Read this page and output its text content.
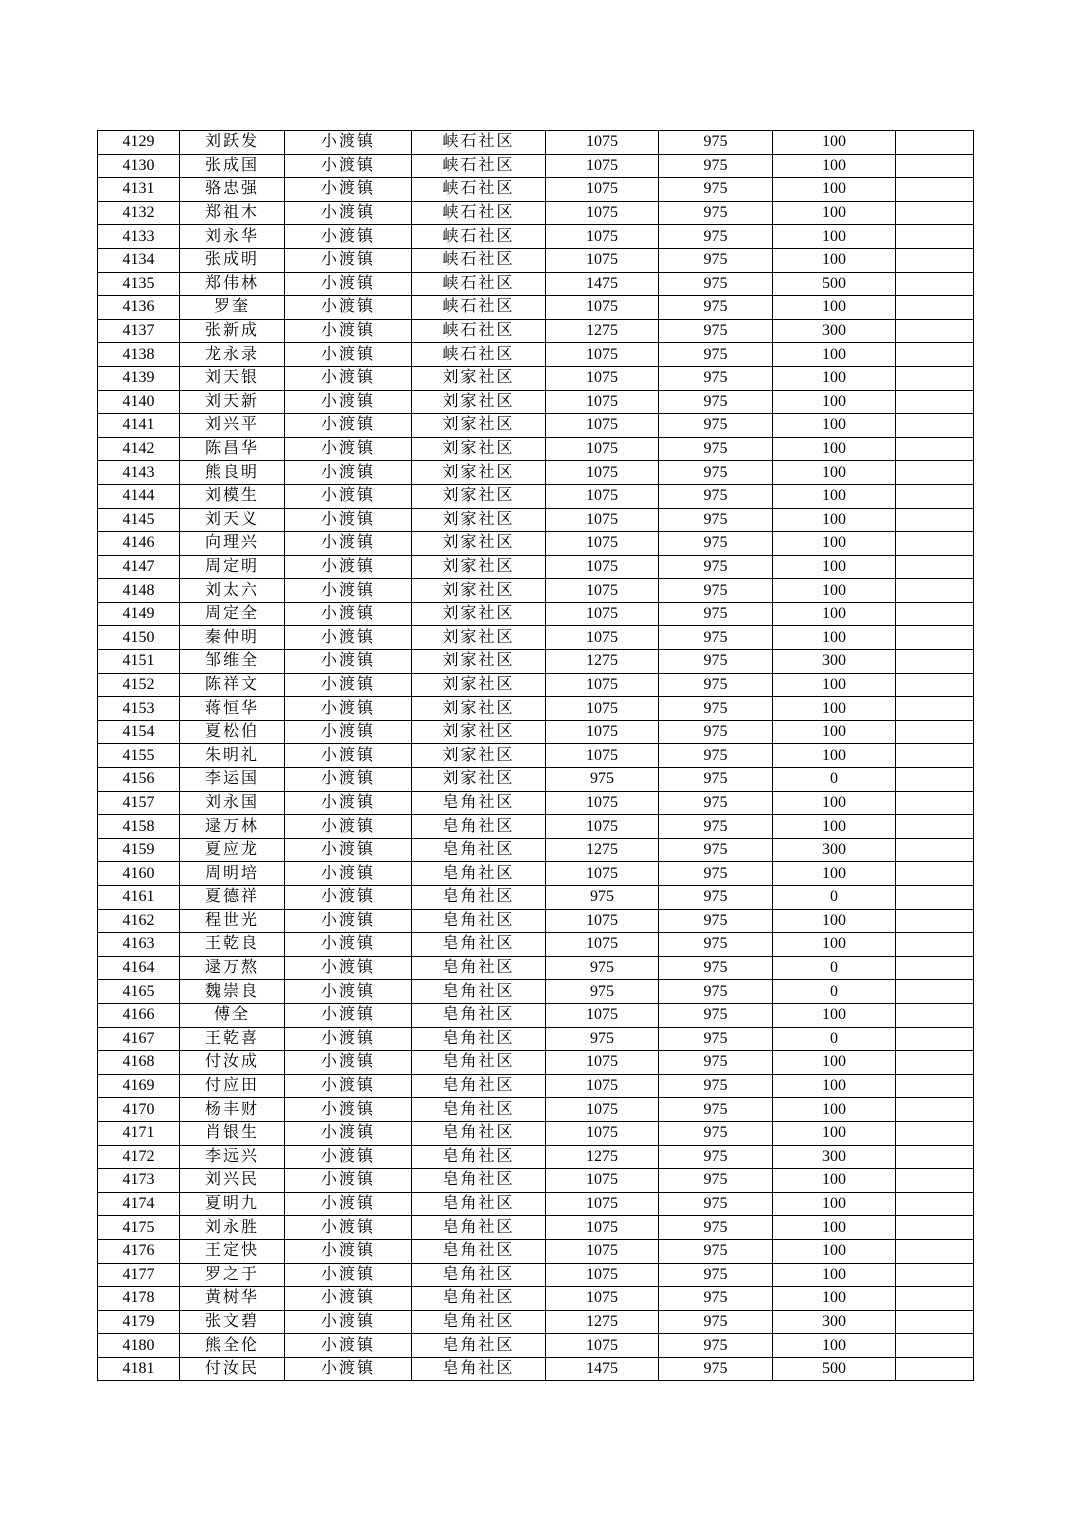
4129	刘跃发	小渡镇	峡石社区	1075	975	100	
4130	张成国	小渡镇	峡石社区	1075	975	100	
4131	骆忠强	小渡镇	峡石社区	1075	975	100	
4132	郑祖木	小渡镇	峡石社区	1075	975	100	
4133	刘永华	小渡镇	峡石社区	1075	975	100	
4134	张成明	小渡镇	峡石社区	1075	975	100	
4135	郑伟林	小渡镇	峡石社区	1475	975	500	
4136	罗奎	小渡镇	峡石社区	1075	975	100	
4137	张新成	小渡镇	峡石社区	1275	975	300	
4138	龙永录	小渡镇	峡石社区	1075	975	100	
4139	刘天银	小渡镇	刘家社区	1075	975	100	
4140	刘天新	小渡镇	刘家社区	1075	975	100	
4141	刘兴平	小渡镇	刘家社区	1075	975	100	
4142	陈昌华	小渡镇	刘家社区	1075	975	100	
4143	熊良明	小渡镇	刘家社区	1075	975	100	
4144	刘模生	小渡镇	刘家社区	1075	975	100	
4145	刘天义	小渡镇	刘家社区	1075	975	100	
4146	向理兴	小渡镇	刘家社区	1075	975	100	
4147	周定明	小渡镇	刘家社区	1075	975	100	
4148	刘太六	小渡镇	刘家社区	1075	975	100	
4149	周定全	小渡镇	刘家社区	1075	975	100	
4150	秦仲明	小渡镇	刘家社区	1075	975	100	
4151	邹维全	小渡镇	刘家社区	1275	975	300	
4152	陈祥文	小渡镇	刘家社区	1075	975	100	
4153	蒋恒华	小渡镇	刘家社区	1075	975	100	
4154	夏松伯	小渡镇	刘家社区	1075	975	100	
4155	朱明礼	小渡镇	刘家社区	1075	975	100	
4156	李运国	小渡镇	刘家社区	975	975	0	
4157	刘永国	小渡镇	皂角社区	1075	975	100	
4158	逯万林	小渡镇	皂角社区	1075	975	100	
4159	夏应龙	小渡镇	皂角社区	1275	975	300	
4160	周明培	小渡镇	皂角社区	1075	975	100	
4161	夏德祥	小渡镇	皂角社区	975	975	0	
4162	程世光	小渡镇	皂角社区	1075	975	100	
4163	王乾良	小渡镇	皂角社区	1075	975	100	
4164	逯万熬	小渡镇	皂角社区	975	975	0	
4165	魏崇良	小渡镇	皂角社区	975	975	0	
4166	傅全	小渡镇	皂角社区	1075	975	100	
4167	王乾喜	小渡镇	皂角社区	975	975	0	
4168	付汝成	小渡镇	皂角社区	1075	975	100	
4169	付应田	小渡镇	皂角社区	1075	975	100	
4170	杨丰财	小渡镇	皂角社区	1075	975	100	
4171	肖银生	小渡镇	皂角社区	1075	975	100	
4172	李远兴	小渡镇	皂角社区	1275	975	300	
4173	刘兴民	小渡镇	皂角社区	1075	975	100	
4174	夏明九	小渡镇	皂角社区	1075	975	100	
4175	刘永胜	小渡镇	皂角社区	1075	975	100	
4176	王定快	小渡镇	皂角社区	1075	975	100	
4177	罗之于	小渡镇	皂角社区	1075	975	100	
4178	黄树华	小渡镇	皂角社区	1075	975	100	
4179	张文碧	小渡镇	皂角社区	1275	975	300	
4180	熊全伦	小渡镇	皂角社区	1075	975	100	
4181	付汝民	小渡镇	皂角社区	1475	975	500	
